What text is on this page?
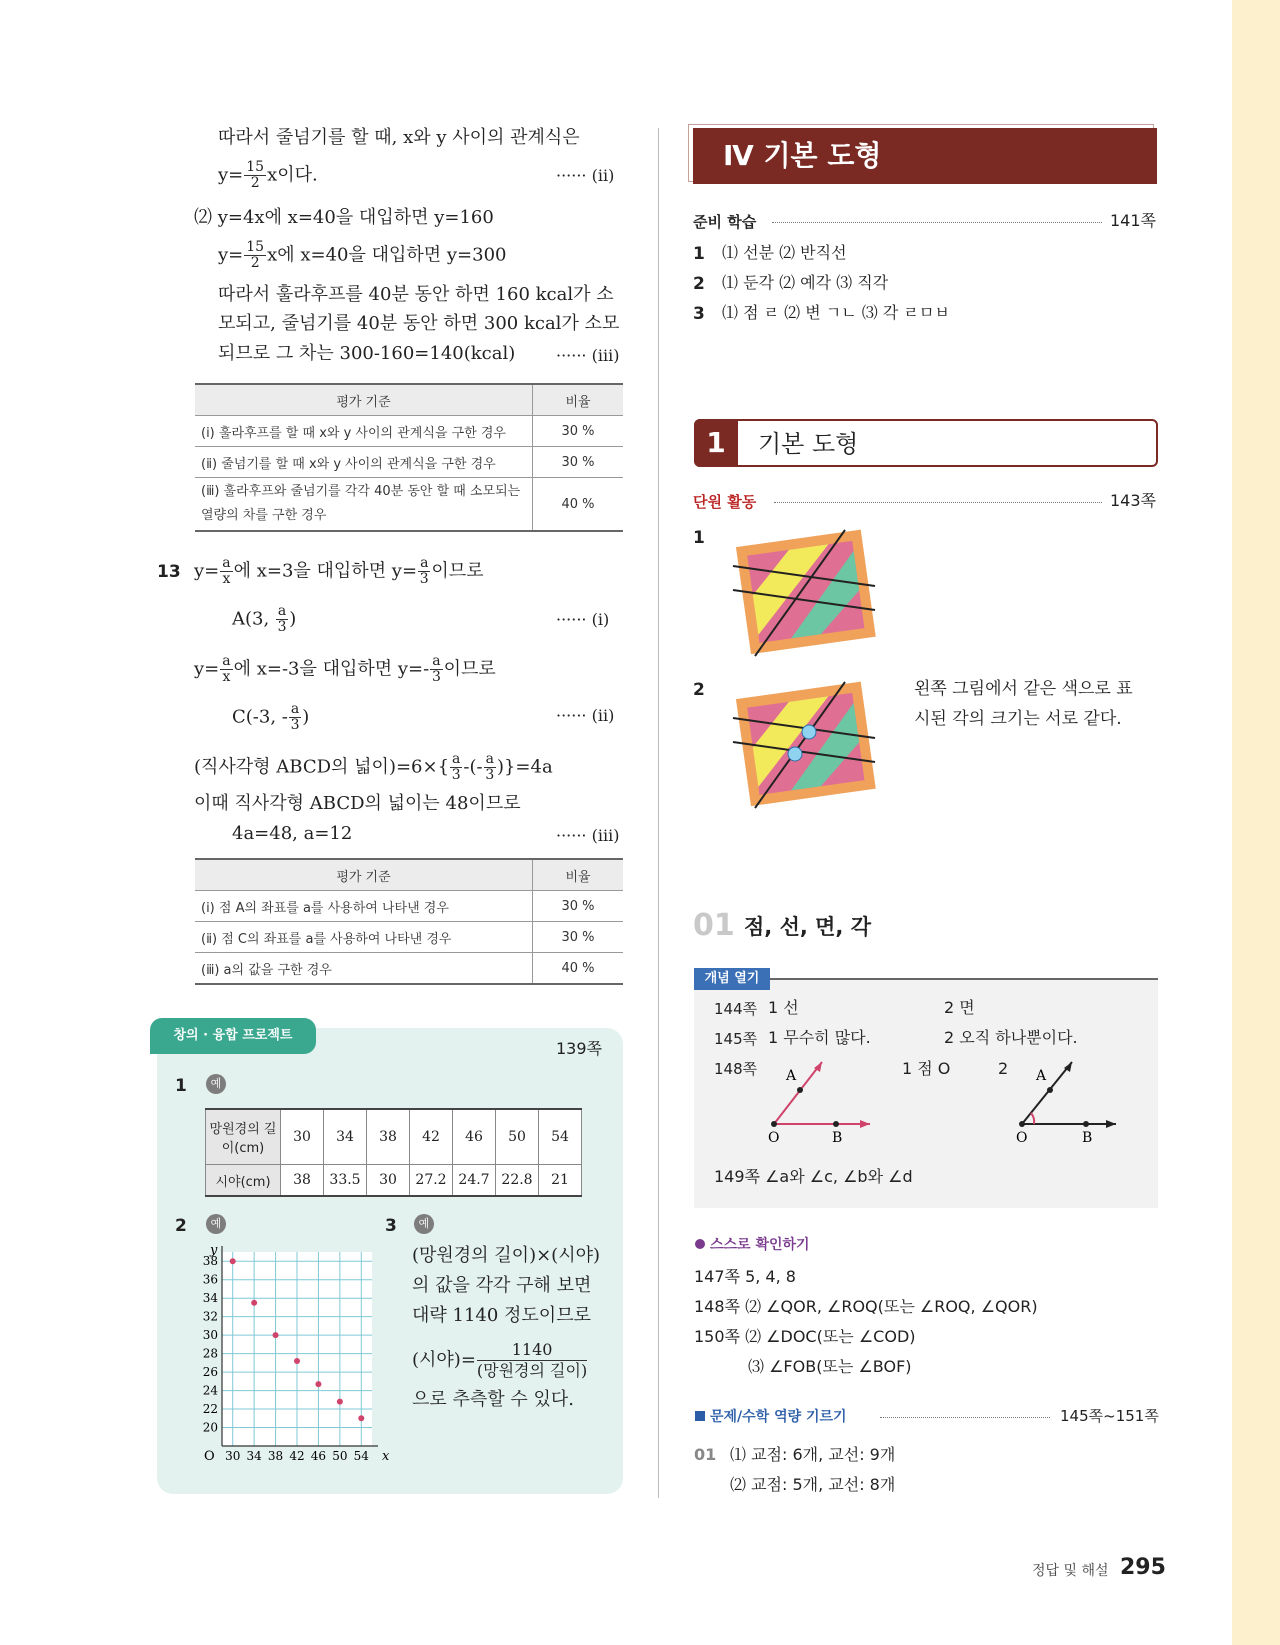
따라서 줄넘기를 할 때, x와 y 사이의 관계식은
$y= \frac{15}{2}$ x이다.	······ (ⅱ)
⑵ y=4x에 x=40을 대입하면 y=160
$y= \frac{15}{2}$ x에 x=40을 대입하면 y=300
따라서 훌라후프를 40분 동안 하면 160 kcal가 소
모되고, 줄넘기를 40분 동안 하면 300 kcal가 소모
되므로 그 차는 300-160=140(kcal)	······ (ⅲ)
평가 기준	비율
(ⅰ) 훌라후프를 할 때 x와 y 사이의 관계식을 구한 경우	30 %
(ⅱ) 줄넘기를 할 때 x와 y 사이의 관계식을 구한 경우	30 %
(ⅲ) 훌라후프와 줄넘기를 각각 40분 동안 할 때 소모되는 열량의 차를 구한 경우	40 %
13 $y= \frac{a}{x}$ 에 x=3을 대입하면 $y= \frac{a}{3}$ 이므로
A(3, $\frac{a}{3}$ )	······ (ⅰ)
$y= \frac{a}{x}$ 에 x=-3을 대입하면 $y=- \frac{a}{3}$ 이므로
C(-3, - $\frac{a}{3}$ )	······ (ⅱ)
(직사각형 ABCD의 넓이)$=6\times\{ \frac{a}{3}$ -(- $\frac{a}{3} )\}=4a$
이때 직사각형 ABCD의 넓이는 48이므로
4a=48, a=12	······ (ⅲ)
평가 기준	비율
(ⅰ) 점 A의 좌표를 a를 사용하여 나타낸 경우	30 %
(ⅱ) 점 C의 좌표를 a를 사용하여 나타낸 경우	30 %
(ⅲ) a의 값을 구한 경우	40 %
창의 · 융합 프로젝트
139쪽
1	예
망원경의 길이(cm)	30	34	38	42	46	50	54
시야(cm)	38	33.5	30	27.2	24.7	22.8	21
2	예
30 34 38 42 46 50 54
20
22
24
26
28
30
32
34
36
38
x
y
O
3	예
(망원경의 길이)×(시야)
의 값을 각각 구해 보면
대략 1140 정도이므로
(시야)= $\frac{1140}{\text{(망원경의 길이)}}$
으로 추측할 수 있다.
Ⅳ 기본 도형
준비 학습	141쪽
1 ⑴ 선분 ⑵ 반직선
2 ⑴ 둔각 ⑵ 예각 ⑶ 직각
3 ⑴ 점 ㄹ ⑵ 변 ㄱㄴ ⑶ 각 ㄹㅁㅂ
1	기본 도형
단원 활동	143쪽
1
2	왼쪽 그림에서 같은 색으로 표
시된 각의 크기는 서로 같다.
01 점, 선, 면, 각
개념 열기
144쪽 1 선	2 면
145쪽 1 무수히 많다.	2 오직 하나뿐이다.
148쪽	1 점 O	2
A
O	B
A
O	B
149쪽 ∠a와 ∠c, ∠b와 ∠d
스스로 확인하기
147쪽 5, 4, 8
148쪽 ⑵ ∠QOR, ∠ROQ(또는 ∠ROQ, ∠QOR)
150쪽 ⑵ ∠DOC(또는 ∠COD)
⑶ ∠FOB(또는 ∠BOF)
문제/수학 역량 기르기	145쪽~151쪽
01 ⑴ 교점: 6개, 교선: 9개
⑵ 교점: 5개, 교선: 8개
정답 및 해설 295
